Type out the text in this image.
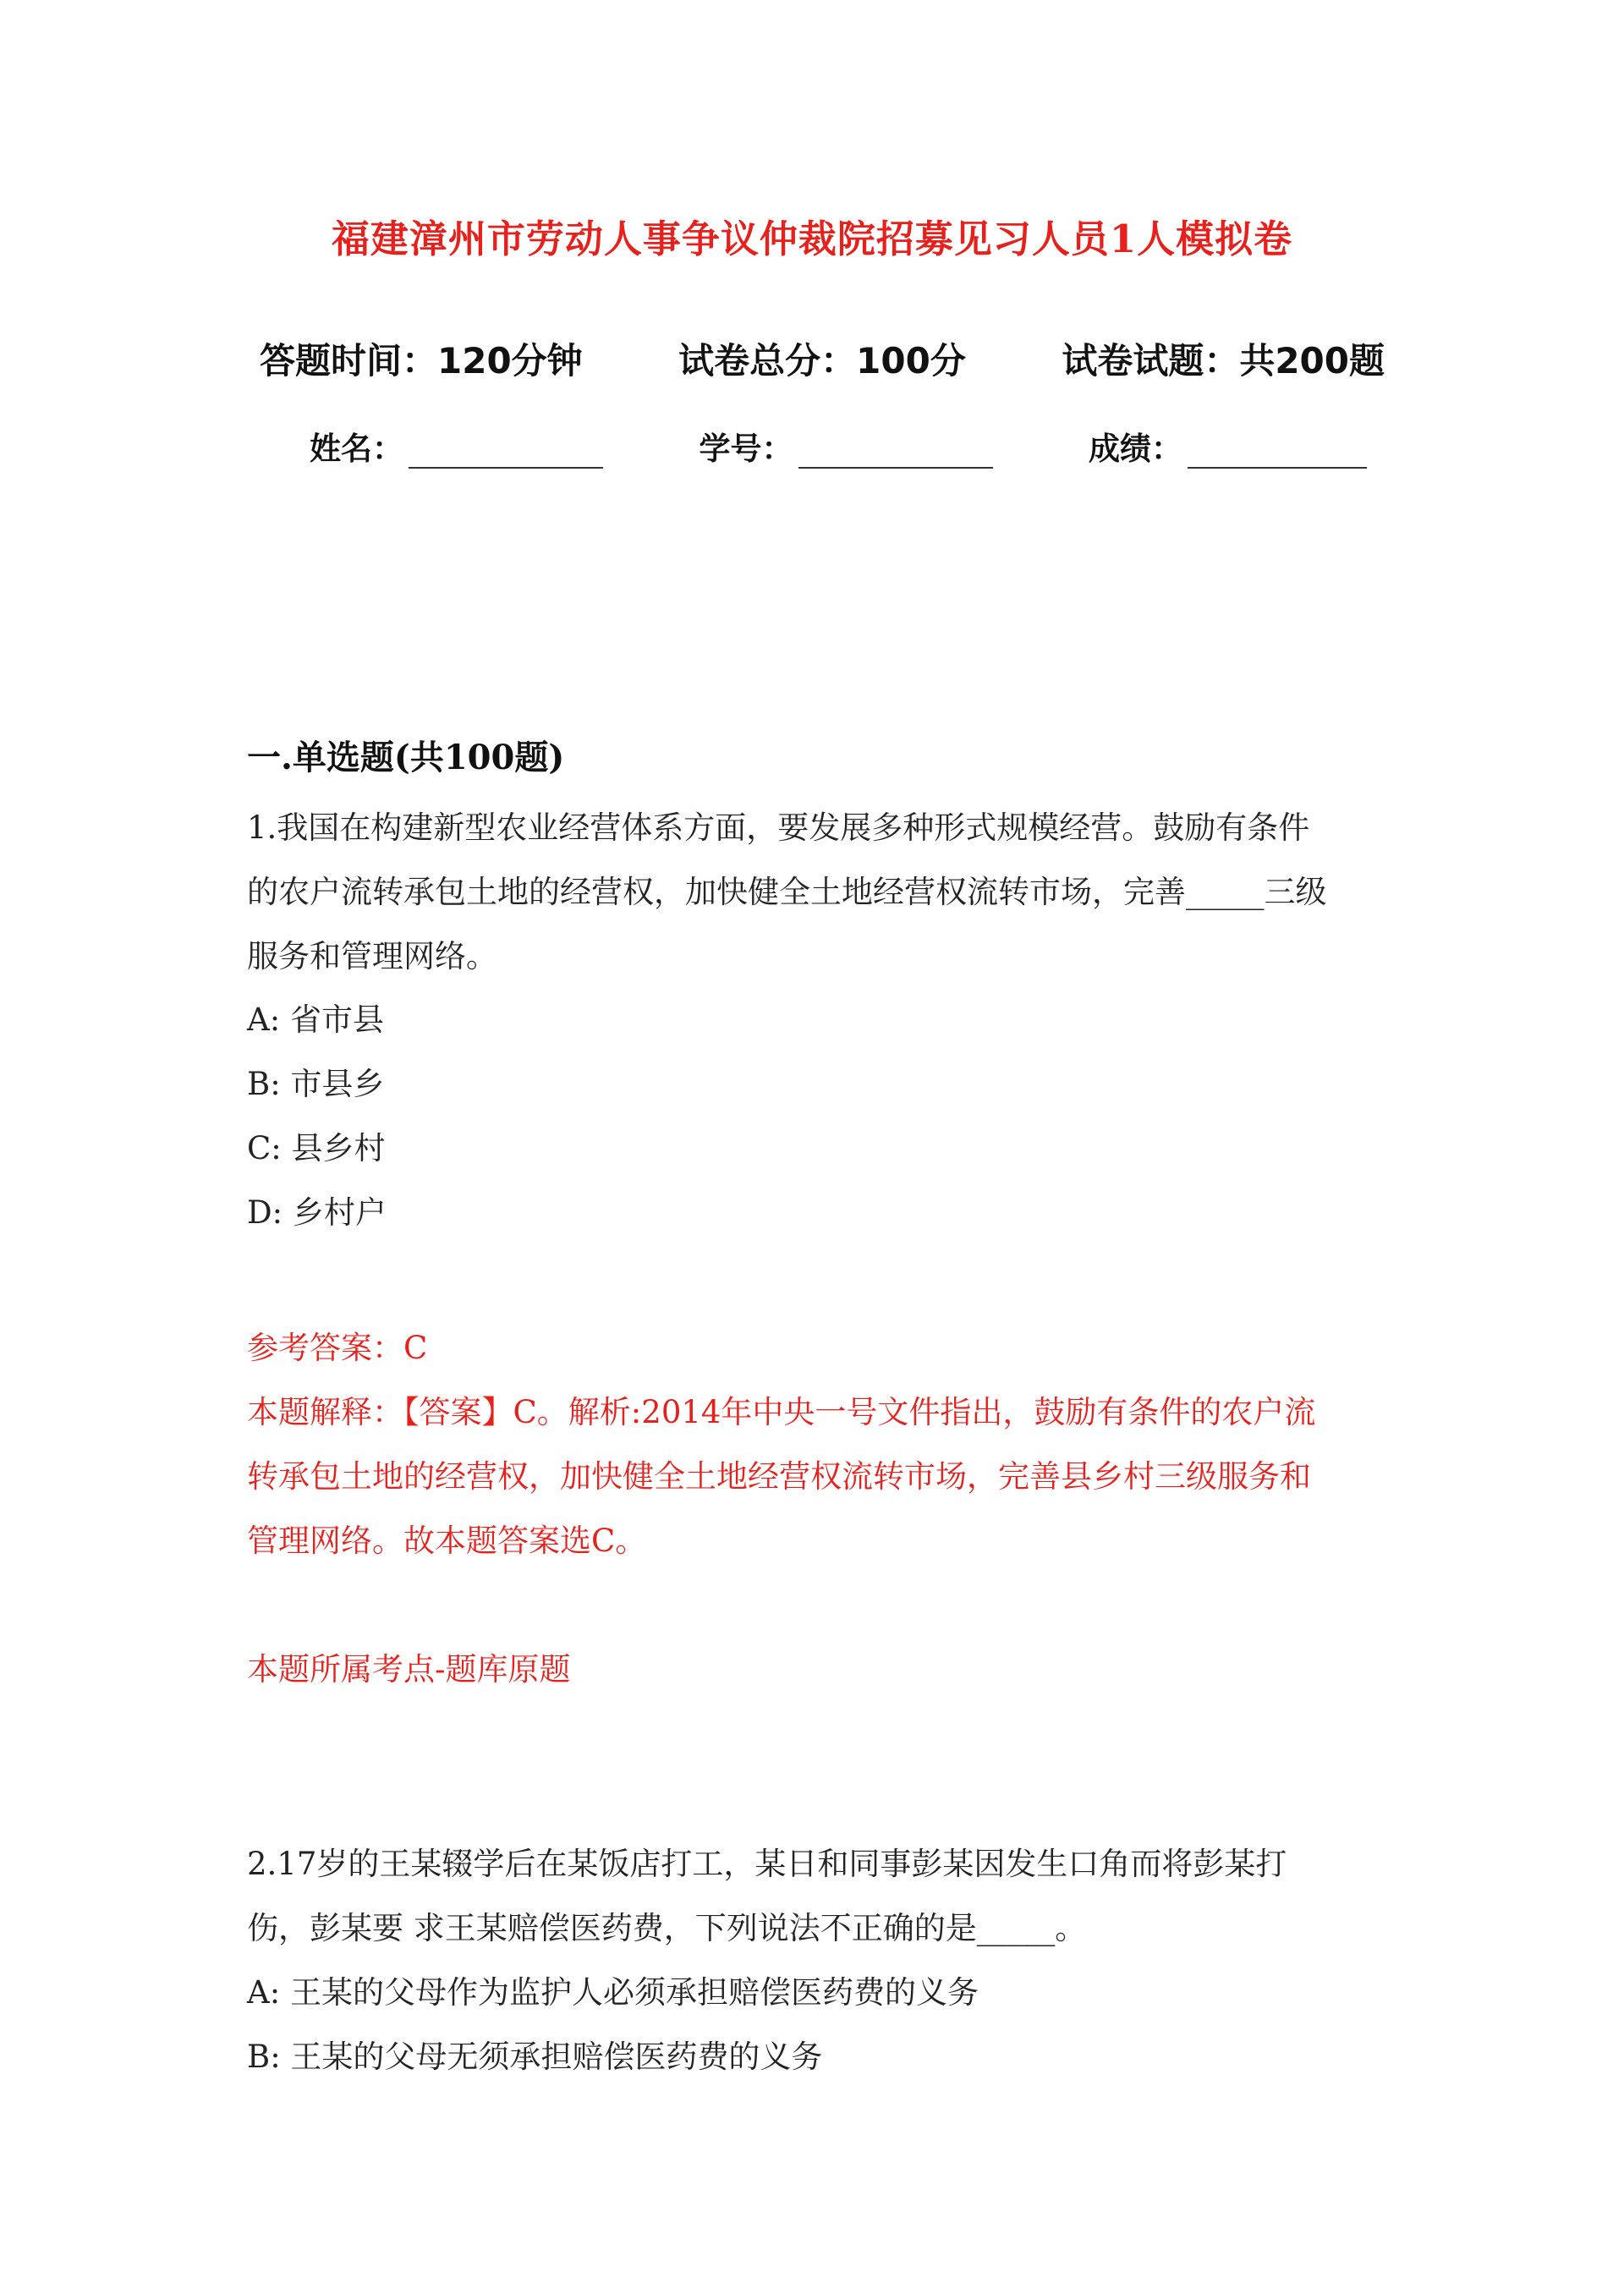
福建漳州市劳动人事争议仲裁院招募见习人员1人模拟卷
答题时间：120分钟	试卷总分：100分	试卷试题：共200题
姓名：	学号：	成绩：
一.单选题(共100题)
1.我国在构建新型农业经营体系方面，要发展多种形式规模经营。鼓励有条件
的农户流转承包土地的经营权，加快健全土地经营权流转市场，完善_____三级
服务和管理网络。
A: 省市县
B: 市县乡
C: 县乡村
D: 乡村户
参考答案：C
本题解释：【答案】C。解析:2014年中央一号文件指出，鼓励有条件的农户流
转承包土地的经营权，加快健全土地经营权流转市场，完善县乡村三级服务和
管理网络。故本题答案选C。
本题所属考点-题库原题
2.17岁的王某辍学后在某饭店打工，某日和同事彭某因发生口角而将彭某打
伤，彭某要 求王某赔偿医药费，下列说法不正确的是_____。
A: 王某的父母作为监护人必须承担赔偿医药费的义务
B: 王某的父母无须承担赔偿医药费的义务
